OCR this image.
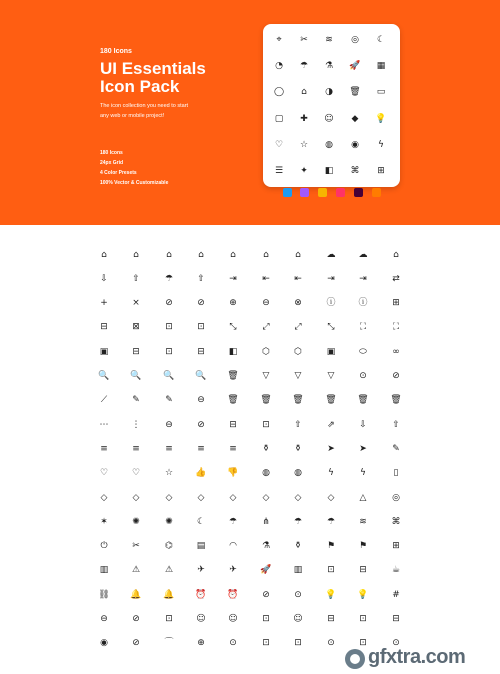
180 Icons
UI Essentials
Icon Pack
The icon collection you need to start
any web or mobile project!
180 Icons
24px Grid
4 Color Presets
100% Vector & Customizable
⌖	✂	≋	◎	☾
◔	☂	⚗	🚀	▦
◯	⌂	◑	🗑	▭
▢	✚	☺	◆	💡
♡	☆	◍	◉	ϟ
☰	✦	◧	⌘	⊞
⌂	⌂	⌂	⌂	⌂	⌂	⌂	☁	☁	⌂
⇩	⇧	☂	⇧	⇥	⇤	⇤	⇥	⇥	⇄
+	×	⊘	⊘	⊕	⊖	⊗	ⓘ	ⓘ	⊞
⊟	⊠	⊡	⊡	⤡	⤢	⤢	⤡	⛶	⛶
▣	⊟	⊡	⊟	◧	⬡	⬡	▣	⬭	∞
🔍	🔍	🔍	🔍	🗑	▽	▽	▽	⊙	⊘
⟋	✎	✎	⊖	🗑	🗑	🗑	🗑	🗑	🗑
⋯	⋮	⊖	⊘	⊟	⊡	⇧	⇗	⇩	⇧
≡	≡	≡	≡	≡	⚱	⚱	➤	➤	✎
♡	♡	☆	👍	👎	◍	◍	ϟ	ϟ	▯
◇	◇	◇	◇	◇	◇	◇	◇	△	◎
✶	✺	✺	☾	☂	⋔	☂	☂	≋	⌘
⏻	✂	⌬	▤	◠	⚗	⚱	⚑	⚑	⊞
▥	⚠	⚠	✈	✈	🚀	▥	⊡	⊟	☕
⛓	🔔	🔔	⏰	⏰	⊘	⊙	💡	💡	#
⊖	⊘	⊡	☺	☺	⊡	☺	⊟	⊡	⊟
◉	⊘	⌒	⊕	⊙	⊡	⊡	⊙	⊡	⊙
gfxtra.com
